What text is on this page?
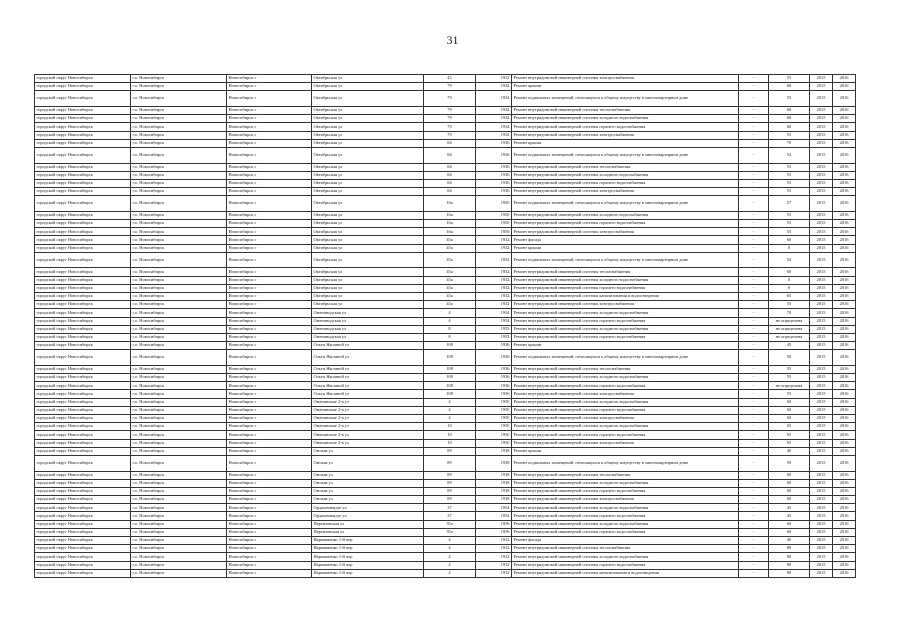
31
городской округ Новосибирск	г.о. Новосибирск	Новосибирск г	Октябрьская ул	45	1932	Ремонт внутридомовой инженерной системы электроснабжения	-	55	2015	2016
городской округ Новосибирск	г.о. Новосибирск	Новосибирск г	Октябрьская ул	79	1934	Ремонт крыши	-	60	2015	2016
городской округ Новосибирск	г.о. Новосибирск	Новосибирск г	Октябрьская ул	79	1934	Ремонт подвальных помещений, относящихся к общему имуществу в многоквартирном доме	-	55	2015	2016
городской округ Новосибирск	г.о. Новосибирск	Новосибирск г	Октябрьская ул	79	1934	Ремонт внутридомовой инженерной системы теплоснабжения	-	60	2015	2016
городской округ Новосибирск	г.о. Новосибирск	Новосибирск г	Октябрьская ул	79	1934	Ремонт внутридомовой инженерной системы холодного водоснабжения	-	60	2015	2016
городской округ Новосибирск	г.о. Новосибирск	Новосибирск г	Октябрьская ул	79	1934	Ремонт внутридомовой инженерной системы горячего водоснабжения	-	60	2015	2016
городской округ Новосибирск	г.о. Новосибирск	Новосибирск г	Октябрьская ул	79	1934	Ремонт внутридомовой инженерной системы электроснабжения	-	55	2015	2016
городской округ Новосибирск	г.о. Новосибирск	Новосибирск г	Октябрьская ул	84	1936	Ремонт крыши	-	70	2015	2016
городской округ Новосибирск	г.о. Новосибирск	Новосибирск г	Октябрьская ул	84	1936	Ремонт подвальных помещений, относящихся к общему имуществу в многоквартирном доме	-	54	2015	2016
городской округ Новосибирск	г.о. Новосибирск	Новосибирск г	Октябрьская ул	84	1936	Ремонт внутридомовой инженерной системы теплоснабжения	-	55	2015	2016
городской округ Новосибирск	г.о. Новосибирск	Новосибирск г	Октябрьская ул	84	1936	Ремонт внутридомовой инженерной системы холодного водоснабжения	-	55	2015	2016
городской округ Новосибирск	г.о. Новосибирск	Новосибирск г	Октябрьская ул	84	1936	Ремонт внутридомовой инженерной системы горячего водоснабжения	-	55	2015	2016
городской округ Новосибирск	г.о. Новосибирск	Новосибирск г	Октябрьская ул	84	1936	Ремонт внутридомовой инженерной системы электроснабжения	-	55	2015	2016
городской округ Новосибирск	г.о. Новосибирск	Новосибирск г	Октябрьская ул	16а	1950	Ремонт подвальных помещений, относящихся к общему имуществу в многоквартирном доме	-	57	2015	2016
городской округ Новосибирск	г.о. Новосибирск	Новосибирск г	Октябрьская ул	16а	1950	Ремонт внутридомовой инженерной системы холодного водоснабжения	-	55	2015	2016
городской округ Новосибирск	г.о. Новосибирск	Новосибирск г	Октябрьская ул	16а	1950	Ремонт внутридомовой инженерной системы горячего водоснабжения	-	55	2015	2016
городской округ Новосибирск	г.о. Новосибирск	Новосибирск г	Октябрьская ул	16а	1950	Ремонт внутридомовой инженерной системы электроснабжения	-	55	2015	2016
городской округ Новосибирск	г.о. Новосибирск	Новосибирск г	Октябрьская ул	45а	1932	Ремонт фасада	-	60	2015	2016
городской округ Новосибирск	г.о. Новосибирск	Новосибирск г	Октябрьская ул	45а	1932	Ремонт крыши	-	0	2015	2016
городской округ Новосибирск	г.о. Новосибирск	Новосибирск г	Октябрьская ул	45а	1932	Ремонт подвальных помещений, относящихся к общему имуществу в многоквартирном доме	-	54	2015	2016
городской округ Новосибирск	г.о. Новосибирск	Новосибирск г	Октябрьская ул	45а	1932	Ремонт внутридомовой инженерной системы теплоснабжения	-	60	2015	2016
городской округ Новосибирск	г.о. Новосибирск	Новосибирск г	Октябрьская ул	45а	1932	Ремонт внутридомовой инженерной системы холодного водоснабжения	-	0	2015	2016
городской округ Новосибирск	г.о. Новосибирск	Новосибирск г	Октябрьская ул	45а	1932	Ремонт внутридомовой инженерной системы горячего водоснабжения	-	0	2015	2016
городской округ Новосибирск	г.о. Новосибирск	Новосибирск г	Октябрьская ул	45а	1932	Ремонт внутридомовой инженерной системы канализования и водоотведения	-	65	2015	2016
городской округ Новосибирск	г.о. Новосибирск	Новосибирск г	Октябрьская ул	45а	1932	Ремонт внутридомовой инженерной системы электроснабжения	-	55	2015	2016
городской округ Новосибирск	г.о. Новосибирск	Новосибирск г	Омюзаводская ул	4	1954	Ремонт внутридомовой инженерной системы холодного водоснабжения	-	70	2015	2016
городской округ Новосибирск	г.о. Новосибирск	Новосибирск г	Омюзаводская ул	4	1954	Ремонт внутридомовой инженерной системы горячего водоснабжения	-	не определена	2015	2016
городской округ Новосибирск	г.о. Новосибирск	Новосибирск г	Омюзаводская ул	8	1953	Ремонт внутридомовой инженерной системы холодного водоснабжения	-	не определена	2015	2016
городской округ Новосибирск	г.о. Новосибирск	Новосибирск г	Омюзаводская ул	8	1953	Ремонт внутридомовой инженерной системы горячего водоснабжения	-	не определена	2015	2016
городской округ Новосибирск	г.о. Новосибирск	Новосибирск г	Ольги Жилиной ул	108	1936	Ремонт крыши	-	45	2015	2016
городской округ Новосибирск	г.о. Новосибирск	Новосибирск г	Ольги Жилиной ул	108	1936	Ремонт подвальных помещений, относящихся к общему имуществу в многоквартирном доме	-	50	2015	2016
городской округ Новосибирск	г.о. Новосибирск	Новосибирск г	Ольги Жилиной ул	108	1936	Ремонт внутридомовой инженерной системы теплоснабжения	-	55	2015	2016
городской округ Новосибирск	г.о. Новосибирск	Новосибирск г	Ольги Жилиной ул	108	1936	Ремонт внутридомовой инженерной системы холодного водоснабжения	-	55	2015	2016
городской округ Новосибирск	г.о. Новосибирск	Новосибирск г	Ольги Жилиной ул	108	1936	Ремонт внутридомовой инженерной системы горячего водоснабжения	-	не определена	2015	2016
городской округ Новосибирск	г.о. Новосибирск	Новосибирск г	Ольги Жилиной ул	108	1936	Ремонт внутридомовой инженерной системы электроснабжения	-	55	2015	2016
городской округ Новосибирск	г.о. Новосибирск	Новосибирск г	Омюзавские 2-я ул	4	1950	Ремонт внутридомовой инженерной системы холодного водоснабжения	-	60	2015	2016
городской округ Новосибирск	г.о. Новосибирск	Новосибирск г	Омюзавские 2-я ул	4	1950	Ремонт внутридомовой инженерной системы горячего водоснабжения	-	60	2015	2016
городской округ Новосибирск	г.о. Новосибирск	Новосибирск г	Омюзавские 2-я ул	4	1950	Ремонт внутридомовой инженерной системы электроснабжения	-	60	2015	2016
городской округ Новосибирск	г.о. Новосибирск	Новосибирск г	Омюзавские 2-я ул	10	1950	Ремонт внутридомовой инженерной системы холодного водоснабжения	-	65	2015	2016
городской округ Новосибирск	г.о. Новосибирск	Новосибирск г	Омюзавские 2-я ул	10	1950	Ремонт внутридомовой инженерной системы горячего водоснабжения	-	65	2015	2016
городской округ Новосибирск	г.о. Новосибирск	Новосибирск г	Омюзавские 2-я ул	10	1950	Ремонт внутридомовой инженерной системы электроснабжения	-	65	2015	2016
городской округ Новосибирск	г.о. Новосибирск	Новосибирск г	Омская ул	89	1938	Ремонт крыши	-	40	2015	2016
городской округ Новосибирск	г.о. Новосибирск	Новосибирск г	Омская ул	89	1938	Ремонт подвальных помещений, относящихся к общему имуществу в многоквартирном доме	-	59	2015	2016
городской округ Новосибирск	г.о. Новосибирск	Новосибирск г	Омская ул	89	1938	Ремонт внутридомовой инженерной системы теплоснабжения	-	60	2015	2016
городской округ Новосибирск	г.о. Новосибирск	Новосибирск г	Омская ул	89	1938	Ремонт внутридомовой инженерной системы холодного водоснабжения	-	60	2015	2016
городской округ Новосибирск	г.о. Новосибирск	Новосибирск г	Омская ул	89	1938	Ремонт внутридомовой инженерной системы горячего водоснабжения	-	60	2015	2016
городской округ Новосибирск	г.о. Новосибирск	Новосибирск г	Омская ул	89	1938	Ремонт внутридомовой инженерной системы электроснабжения	-	60	2015	2016
городской округ Новосибирск	г.о. Новосибирск	Новосибирск г	Орджоникидзе ул	37	1954	Ремонт внутридомовой инженерной системы холодного водоснабжения	-	45	2015	2016
городской округ Новосибирск	г.о. Новосибирск	Новосибирск г	Орджоникидзе ул	37	1954	Ремонт внутридомовой инженерной системы горячего водоснабжения	-	45	2015	2016
городской округ Новосибирск	г.о. Новосибирск	Новосибирск г	Партизанская ул	35а	1956	Ремонт внутридомовой инженерной системы холодного водоснабжения	-	60	2015	2016
городской округ Новосибирск	г.о. Новосибирск	Новосибирск г	Партизанская ул	35а	1956	Ремонт внутридомовой инженерной системы горячего водоснабжения	-	60	2015	2016
городской округ Новосибирск	г.о. Новосибирск	Новосибирск г	Нарымменко 1-й пер	4	1932	Ремонт фасада	-	40	2015	2016
городской округ Новосибирск	г.о. Новосибирск	Новосибирск г	Нарымменко 1-й пер	4	1932	Ремонт внутридомовой инженерной системы теплоснабжения	-	80	2015	2016
городской округ Новосибирск	г.о. Новосибирск	Новосибирск г	Нарымменко 1-й пер	4	1932	Ремонт внутридомовой инженерной системы холодного водоснабжения	-	80	2015	2016
городской округ Новосибирск	г.о. Новосибирск	Новосибирск г	Нарымменко 1-й пер	4	1932	Ремонт внутридомовой инженерной системы горячего водоснабжения	-	80	2015	2016
городской округ Новосибирск	г.о. Новосибирск	Новосибирск г	Нарымменко 1-й пер	4	1932	Ремонт внутридомовой инженерной системы канализования и водоотведения	-	80	2015	2016
